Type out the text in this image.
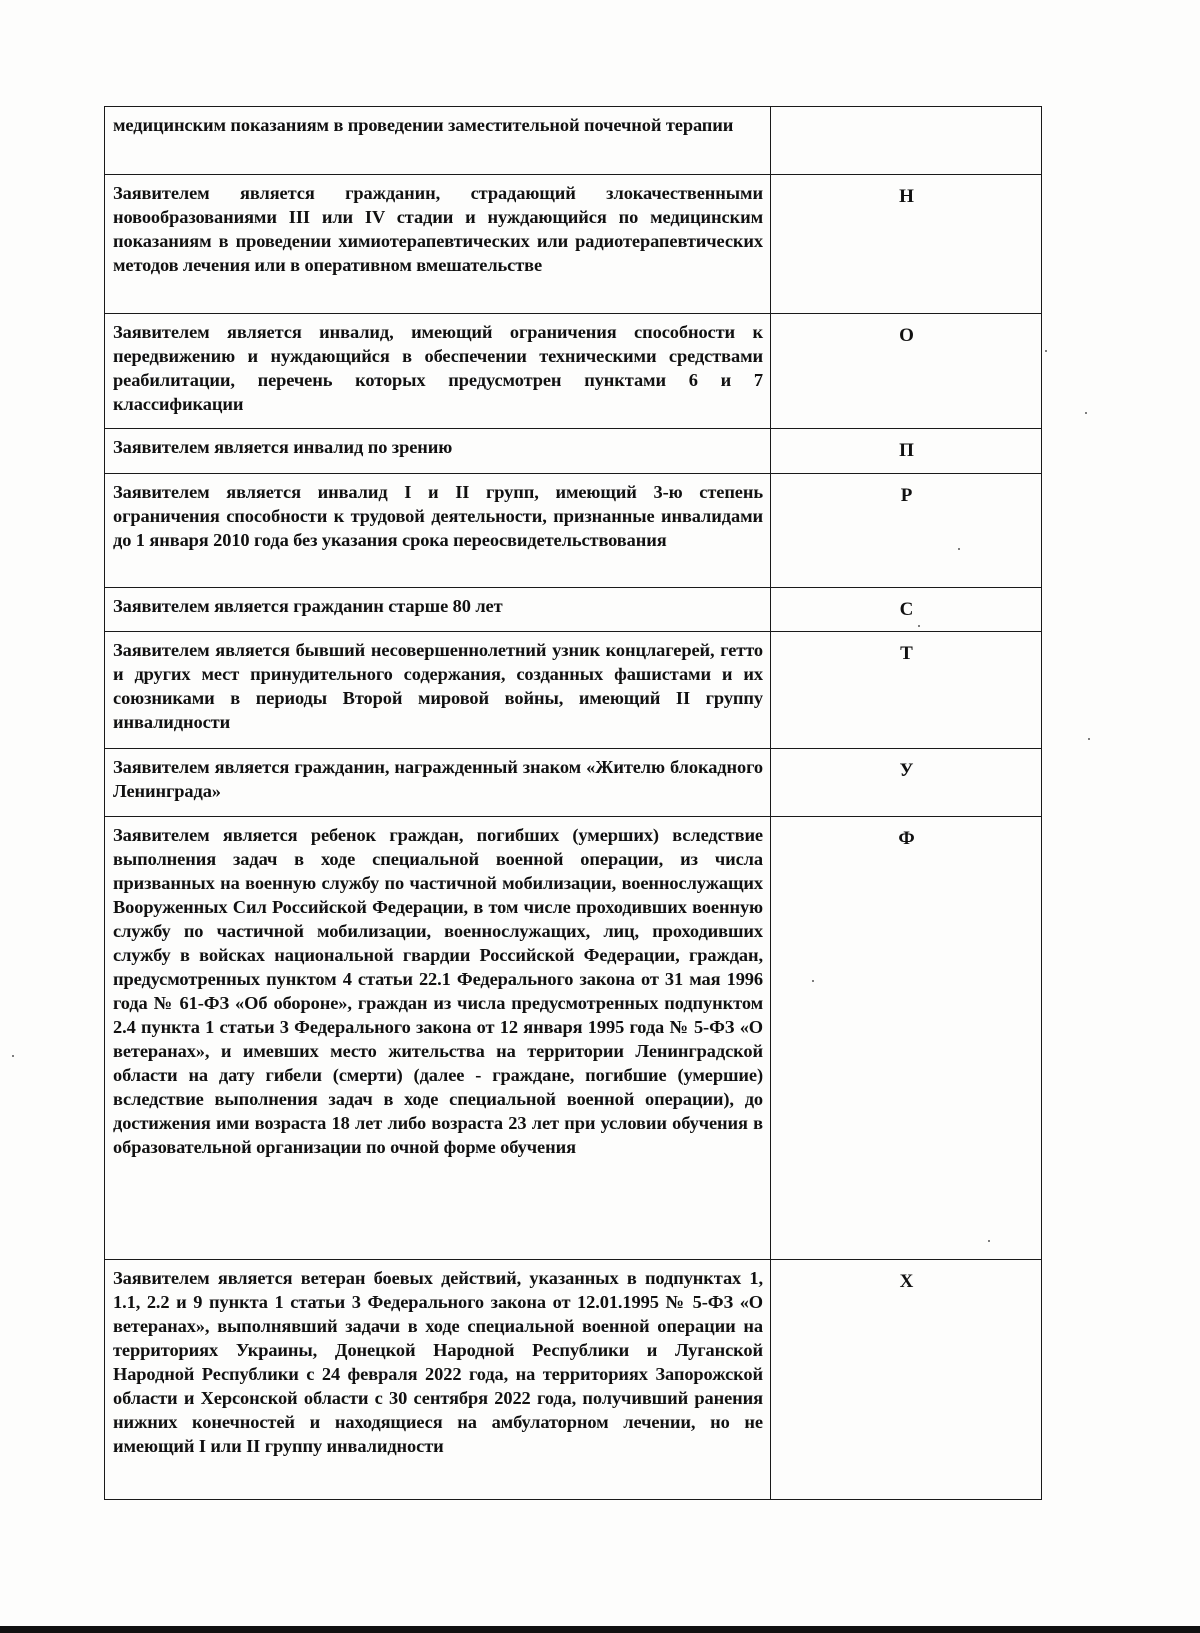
медицинским показаниям в проведении заместительной почечной терапии	
Заявителем является гражданин, страдающий злокачественными новообразованиями III или IV стадии и нуждающийся по медицинским показаниям в проведении химиотерапевтических или радиотерапевтических методов лечения или в оперативном вмешательстве	Н
Заявителем является инвалид, имеющий ограничения способности к передвижению и нуждающийся в обеспечении техническими средствами реабилитации, перечень которых предусмотрен пунктами 6 и 7 классификации	О
Заявителем является инвалид по зрению	П
Заявителем является инвалид I и II групп, имеющий 3-ю степень ограничения способности к трудовой деятельности, признанные инвалидами до 1 января 2010 года без указания срока переосвидетельствования	Р
Заявителем является гражданин старше 80 лет	С
Заявителем является бывший несовершеннолетний узник концлагерей, гетто и других мест принудительного содержания, созданных фашистами и их союзниками в периоды Второй мировой войны, имеющий II группу инвалидности	Т
Заявителем является гражданин, награжденный знаком «Жителю блокадного Ленинграда»	У
Заявителем является ребенок граждан, погибших (умерших) вследствие выполнения задач в ходе специальной военной операции, из числа призванных на военную службу по частичной мобилизации, военнослужащих Вооруженных Сил Российской Федерации, в том числе проходивших военную службу по частичной мобилизации, военнослужащих, лиц, проходивших службу в войсках национальной гвардии Российской Федерации, граждан, предусмотренных пунктом 4 статьи 22.1 Федерального закона от 31 мая 1996 года № 61-ФЗ «Об обороне», граждан из числа предусмотренных подпунктом 2.4 пункта 1 статьи 3 Федерального закона от 12 января 1995 года № 5-ФЗ «О ветеранах», и имевших место жительства на территории Ленинградской области на дату гибели (смерти) (далее - граждане, погибшие (умершие) вследствие выполнения задач в ходе специальной военной операции), до достижения ими возраста 18 лет либо возраста 23 лет при условии обучения в образовательной организации по очной форме обучения	Ф
Заявителем является ветеран боевых действий, указанных в подпунктах 1, 1.1, 2.2 и 9 пункта 1 статьи 3 Федерального закона от 12.01.1995 № 5-ФЗ «О ветеранах», выполнявший задачи в ходе специальной военной операции на территориях Украины, Донецкой Народной Республики и Луганской Народной Республики с 24 февраля 2022 года, на территориях Запорожской области и Херсонской области с 30 сентября 2022 года, получивший ранения нижних конечностей и находящиеся на амбулаторном лечении, но не имеющий I или II группу инвалидности	Х
